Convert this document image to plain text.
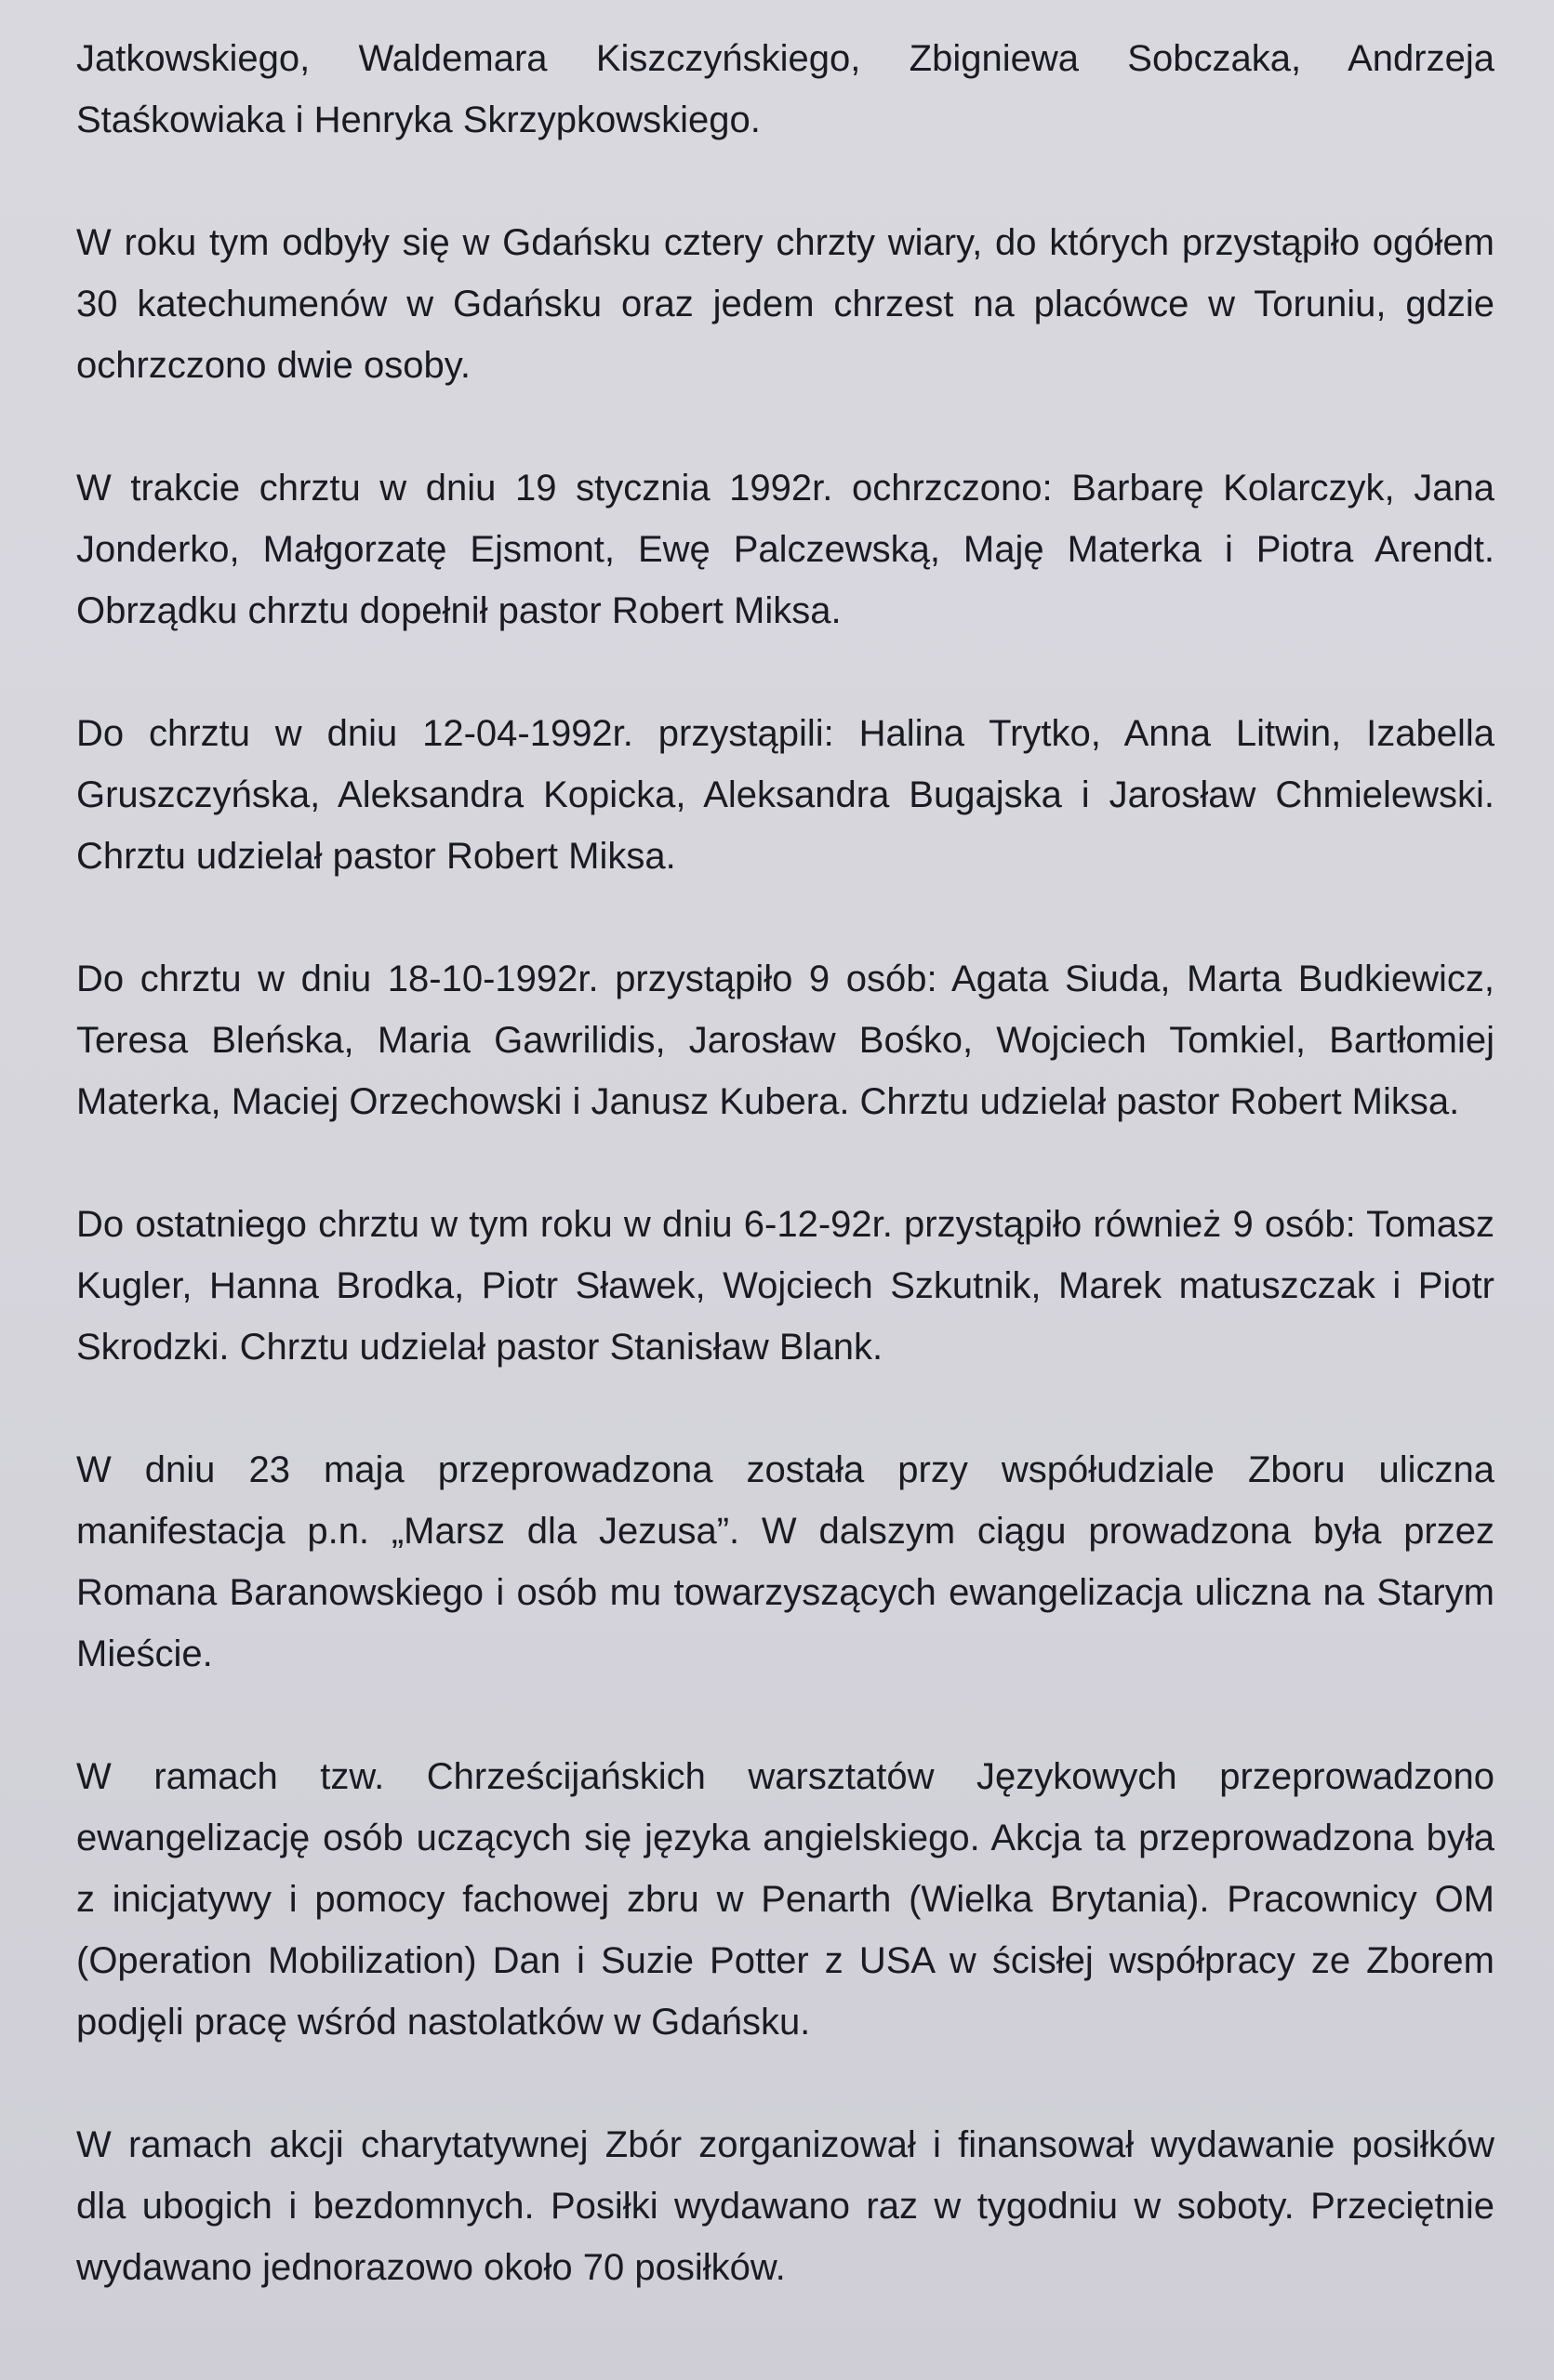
Jatkowskiego, Waldemara Kiszczyńskiego, Zbigniewa Sobczaka, Andrzeja Staśkowiaka i Henryka Skrzypkowskiego.

W roku tym odbyły się w Gdańsku cztery chrzty wiary, do których przystąpiło ogółem 30 katechumenów w Gdańsku oraz jedem chrzest na placówce w Toruniu, gdzie ochrzczono dwie osoby.

W trakcie chrztu w dniu 19 stycznia 1992r. ochrzczono: Barbarę Kolarczyk, Jana Jonderko, Małgorzatę Ejsmont, Ewę Palczewską, Maję Materka i Piotra Arendt. Obrządku chrztu dopełnił pastor Robert Miksa.

Do chrztu w dniu 12-04-1992r. przystąpili: Halina Trytko, Anna Litwin, Izabella Gruszczyńska, Aleksandra Kopicka, Aleksandra Bugajska i Jarosław Chmielewski. Chrztu udzielał pastor Robert Miksa.

Do chrztu w dniu 18-10-1992r. przystąpiło 9 osób: Agata Siuda, Marta Budkiewicz, Teresa Bleńska, Maria Gawrilidis, Jarosław Bośko, Wojciech Tomkiel, Bartłomiej Materka, Maciej Orzechowski i Janusz Kubera. Chrztu udzielał pastor Robert Miksa.

Do ostatniego chrztu w tym roku w dniu 6-12-92r. przystąpiło również 9 osób: Tomasz Kugler, Hanna Brodka, Piotr Sławek, Wojciech Szkutnik, Marek matuszczak i Piotr Skrodzki. Chrztu udzielał pastor Stanisław Blank.

W dniu 23 maja przeprowadzona została przy współudziale Zboru uliczna manifestacja p.n. „Marsz dla Jezusa”. W dalszym ciągu prowadzona była przez Romana Baranowskiego i osób mu towarzyszących ewangelizacja uliczna na Starym Mieście.

W ramach tzw. Chrześcijańskich warsztatów Językowych przeprowadzono ewangelizację osób uczących się języka angielskiego. Akcja ta przeprowadzona była z inicjatywy i pomocy fachowej zbru w Penarth (Wielka Brytania). Pracownicy OM (Operation Mobilization) Dan i Suzie Potter z USA w ścisłej współpracy ze Zborem podjęli pracę wśród nastolatków w Gdańsku.

W ramach akcji charytatywnej Zbór zorganizował i finansował wydawanie posiłków dla ubogich i bezdomnych. Posiłki wydawano raz w tygodniu w soboty. Przeciętnie wydawano jednorazowo około 70 posiłków.
